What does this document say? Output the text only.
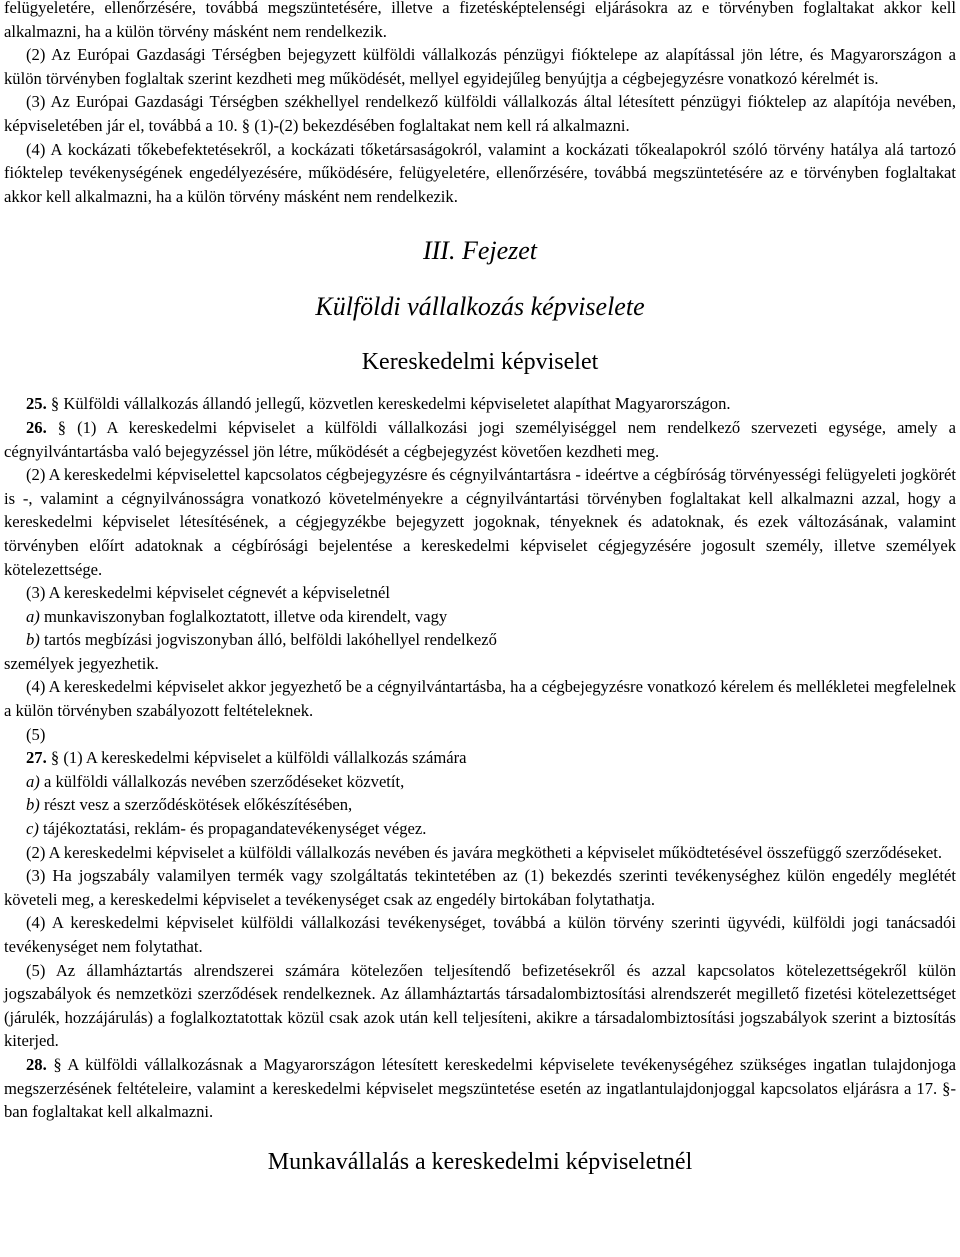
felügyeletére, ellenőrzésére, továbbá megszüntetésére, illetve a fizetésképtelenségi eljárásokra az e törvényben foglaltakat akkor kell alkalmazni, ha a külön törvény másként nem rendelkezik.

(2) Az Európai Gazdasági Térségben bejegyzett külföldi vállalkozás pénzügyi fióktelepe az alapítással jön létre, és Magyarországon a külön törvényben foglaltak szerint kezdheti meg működését, mellyel egyidejűleg benyújtja a cégbejegyzésre vonatkozó kérelmét is.

(3) Az Európai Gazdasági Térségben székhellyel rendelkező külföldi vállalkozás által létesített pénzügyi fióktelep az alapítója nevében, képviseletében jár el, továbbá a 10. § (1)-(2) bekezdésében foglaltakat nem kell rá alkalmazni.

(4) A kockázati tőkebefektetésekről, a kockázati tőketársaságokról, valamint a kockázati tőkealapokról szóló törvény hatálya alá tartozó fióktelep tevékenységének engedélyezésére, működésére, felügyeletére, ellenőrzésére, továbbá megszüntetésére az e törvényben foglaltakat akkor kell alkalmazni, ha a külön törvény másként nem rendelkezik.

III. Fejezet
Külföldi vállalkozás képviselete
Kereskedelmi képviselet

25. § Külföldi vállalkozás állandó jellegű, közvetlen kereskedelmi képviseletet alapíthat Magyarországon.

26. § (1) A kereskedelmi képviselet a külföldi vállalkozási jogi személyiséggel nem rendelkező szervezeti egysége, amely a cégnyilvántartásba való bejegyzéssel jön létre, működését a cégbejegyzést követően kezdheti meg.

(2) A kereskedelmi képviselettel kapcsolatos cégbejegyzésre és cégnyilvántartásra - ideértve a cégbíróság törvényességi felügyeleti jogkörét is -, valamint a cégnyilvánosságra vonatkozó követelményekre a cégnyilvántartási törvényben foglaltakat kell alkalmazni azzal, hogy a kereskedelmi képviselet létesítésének, a cégjegyzékbe bejegyzett jogoknak, tényeknek és adatoknak, és ezek változásának, valamint törvényben előírt adatoknak a cégbírósági bejelentése a kereskedelmi képviselet cégjegyzésére jogosult személy, illetve személyek kötelezettsége.

(3) A kereskedelmi képviselet cégnevét a képviseletnél

a) munkaviszonyban foglalkoztatott, illetve oda kirendelt, vagy

b) tartós megbízási jogviszonyban álló, belföldi lakóhellyel rendelkező

személyek jegyezhetik.

(4) A kereskedelmi képviselet akkor jegyezhető be a cégnyilvántartásba, ha a cégbejegyzésre vonatkozó kérelem és mellékletei megfelelnek a külön törvényben szabályozott feltételeknek.

(5)

27. § (1) A kereskedelmi képviselet a külföldi vállalkozás számára

a) a külföldi vállalkozás nevében szerződéseket közvetít,

b) részt vesz a szerződéskötések előkészítésében,

c) tájékoztatási, reklám- és propagandatevékenységet végez.

(2) A kereskedelmi képviselet a külföldi vállalkozás nevében és javára megkötheti a képviselet működtetésével összefüggő szerződéseket.

(3) Ha jogszabály valamilyen termék vagy szolgáltatás tekintetében az (1) bekezdés szerinti tevékenységhez külön engedély meglétét követeli meg, a kereskedelmi képviselet a tevékenységet csak az engedély birtokában folytathatja.

(4) A kereskedelmi képviselet külföldi vállalkozási tevékenységet, továbbá a külön törvény szerinti ügyvédi, külföldi jogi tanácsadói tevékenységet nem folytathat.

(5) Az államháztartás alrendszerei számára kötelezően teljesítendő befizetésekről és azzal kapcsolatos kötelezettségekről külön jogszabályok és nemzetközi szerződések rendelkeznek. Az államháztartás társadalombiztosítási alrendszerét megillető fizetési kötelezettséget (járulék, hozzájárulás) a foglalkoztatottak közül csak azok után kell teljesíteni, akikre a társadalombiztosítási jogszabályok szerint a biztosítás kiterjed.

28. § A külföldi vállalkozásnak a Magyarországon létesített kereskedelmi képviselete tevékenységéhez szükséges ingatlan tulajdonjoga megszerzésének feltételeire, valamint a kereskedelmi képviselet megszüntetése esetén az ingatlantulajdonjoggal kapcsolatos eljárásra a 17. §-ban foglaltakat kell alkalmazni.

Munkavállalás a kereskedelmi képviseletnél
